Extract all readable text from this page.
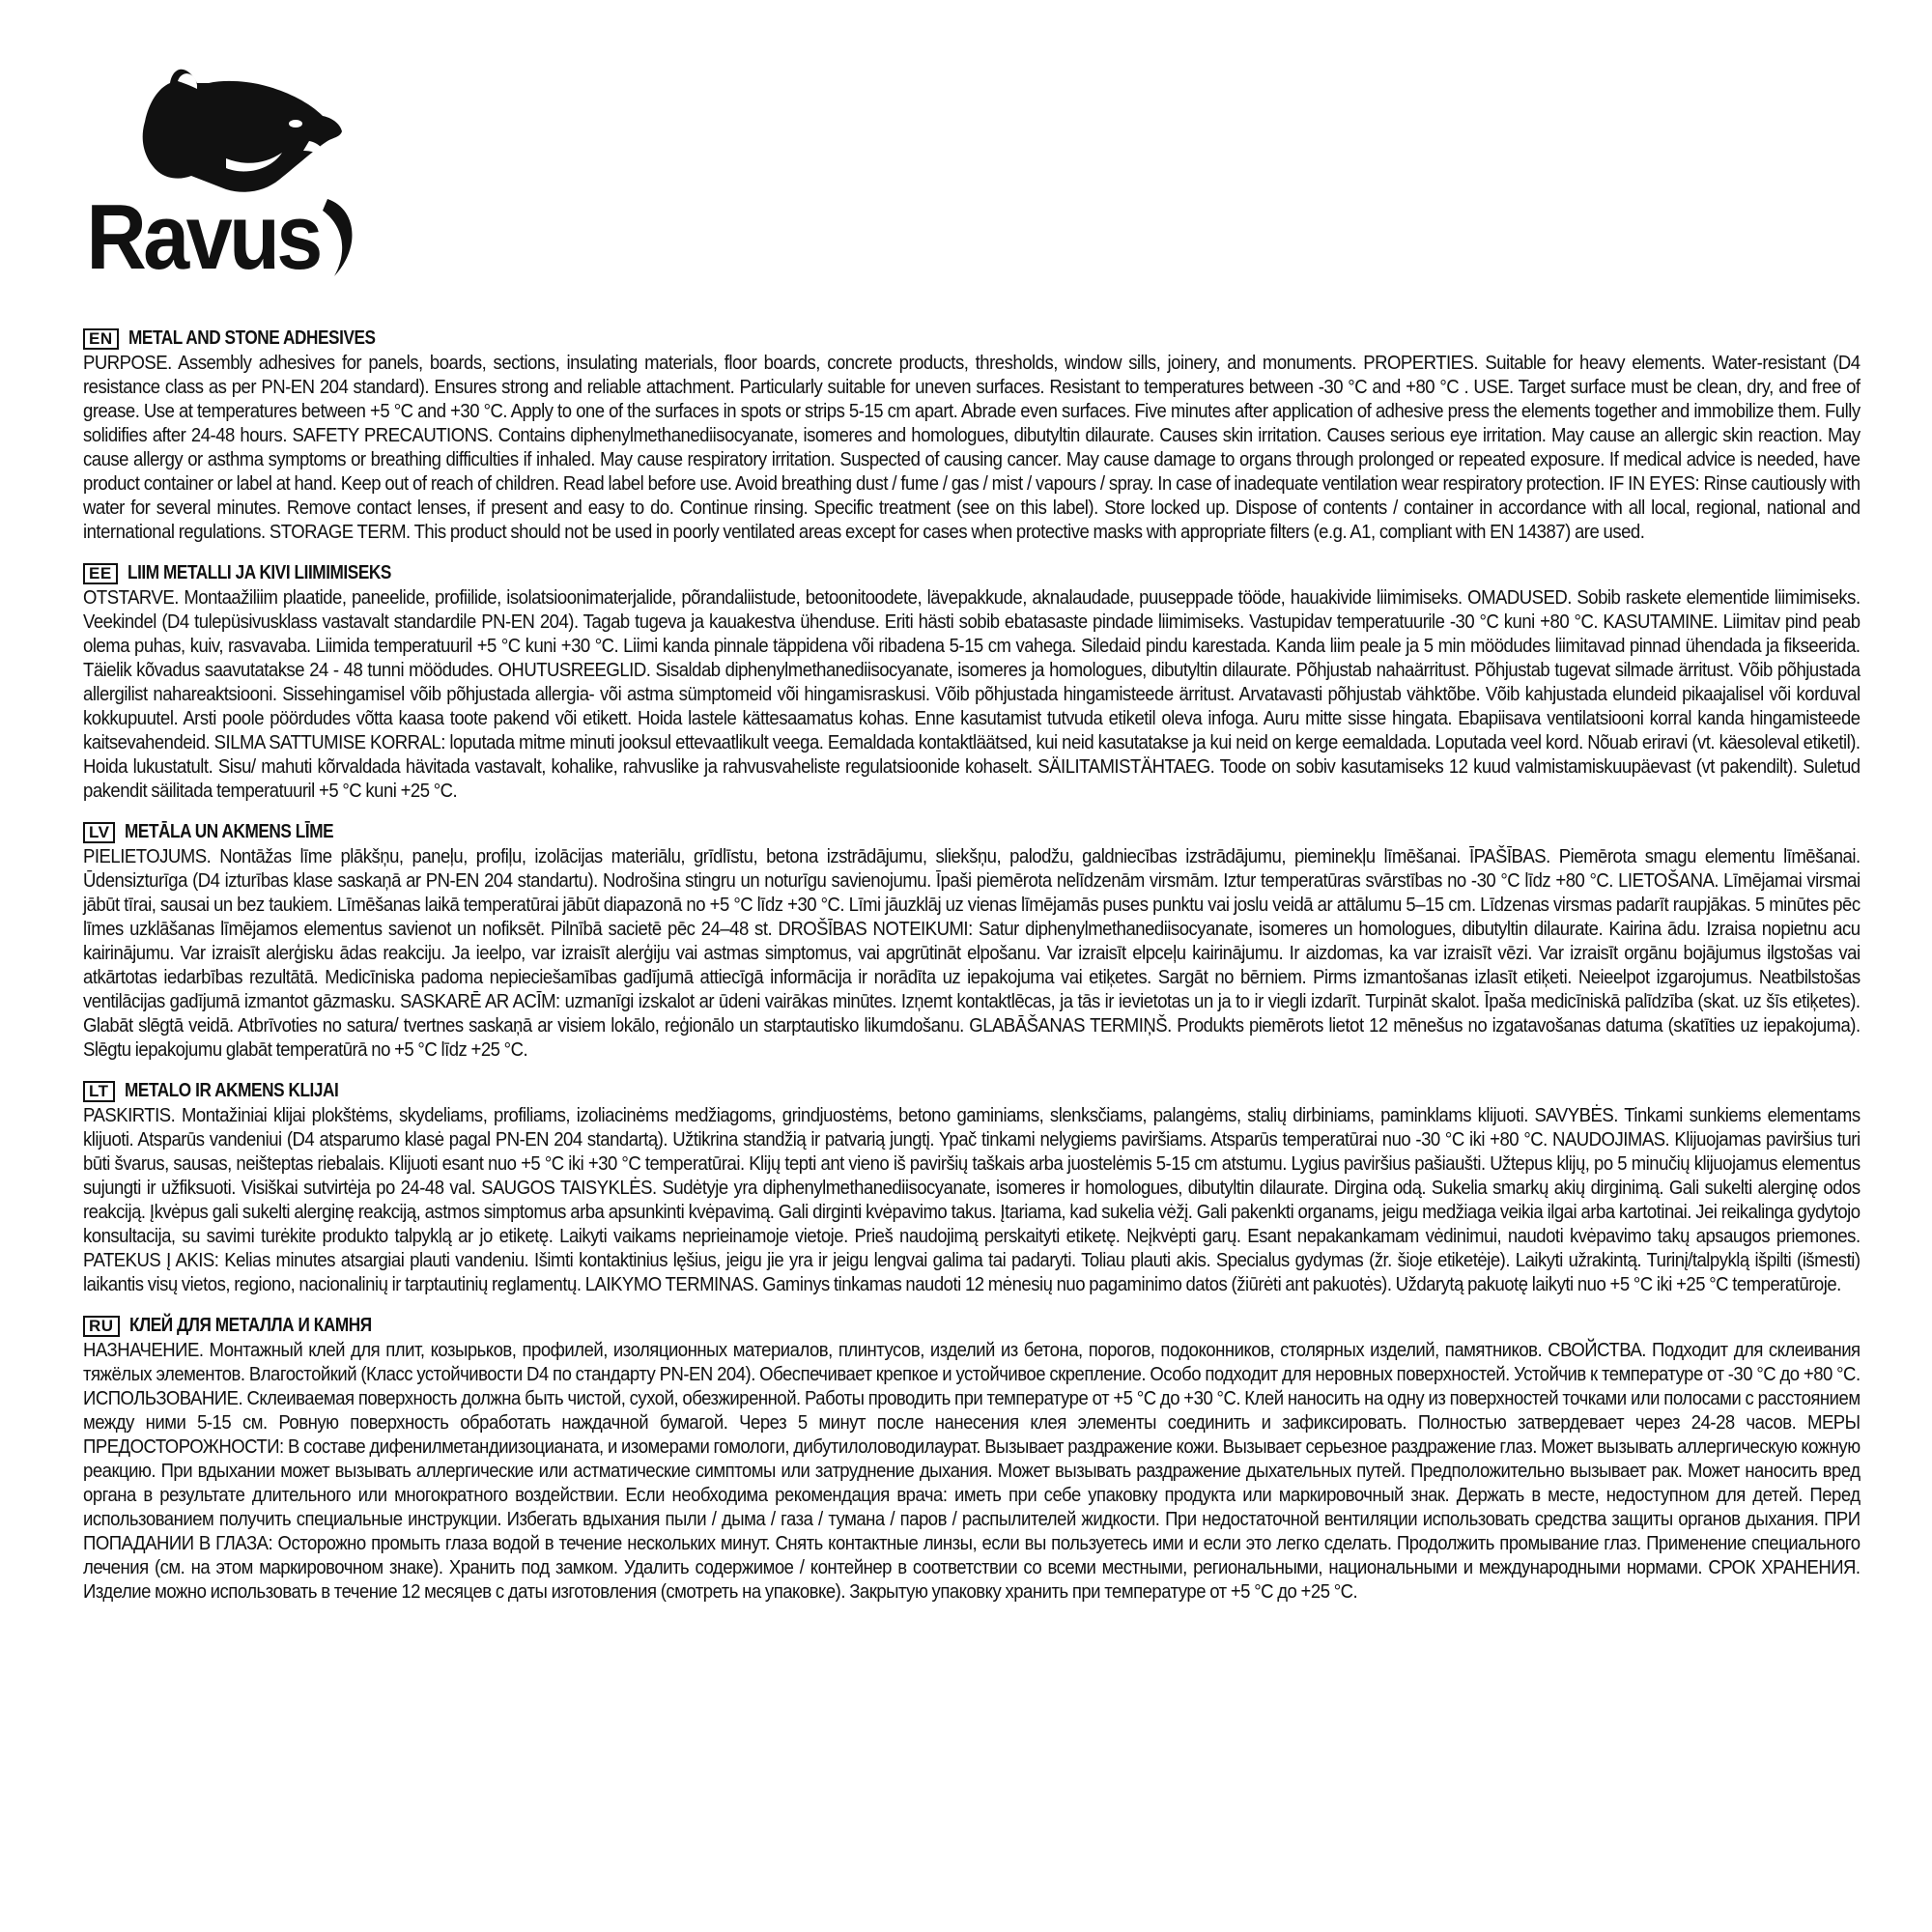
Ravus
EN METAL AND STONE ADHESIVES
PURPOSE. Assembly adhesives for panels, boards, sections, insulating materials, floor boards, concrete products, thresholds, window sills, joinery, and monuments. PROPERTIES. Suitable for heavy elements. Water-resistant (D4 resistance class as per PN-EN 204 standard). Ensures strong and reliable attachment. Particularly suitable for uneven surfaces. Resistant to temperatures between -30 °C and +80 °C . USE. Target surface must be clean, dry, and free of grease. Use at temperatures between +5 °C and +30 °C. Apply to one of the surfaces in spots or strips 5-15 cm apart. Abrade even surfaces. Five minutes after application of adhesive press the elements together and immobilize them. Fully solidifies after 24-48 hours. SAFETY PRECAUTIONS. Contains diphenylmethanediisocyanate, isomeres and homologues, dibutyltin dilaurate. Causes skin irritation. Causes serious eye irritation. May cause an allergic skin reaction. May cause allergy or asthma symptoms or breathing difficulties if inhaled. May cause respiratory irritation. Suspected of causing cancer. May cause damage to organs through prolonged or repeated exposure. If medical advice is needed, have product container or label at hand. Keep out of reach of children. Read label before use. Avoid breathing dust / fume / gas / mist / vapours / spray. In case of inadequate ventilation wear respiratory protection. IF IN EYES: Rinse cautiously with water for several minutes. Remove contact lenses, if present and easy to do. Continue rinsing. Specific treatment (see on this label). Store locked up. Dispose of contents / container in accordance with all local, regional, national and international regulations. STORAGE TERM. This product should not be used in poorly ventilated areas except for cases when protective masks with appropriate filters (e.g. A1, compliant with EN 14387) are used.
EE LIIM METALLI JA KIVI LIIMIMISEKS
OTSTARVE. Montaažiliim plaatide, paneelide, profiilide, isolatsioonimaterjalide, põrandaliistude, betoonitoodete, lävepakkude, aknalaudade, puuseppade tööde, hauakivide liimimiseks. OMADUSED. Sobib raskete elementide liimimiseks. Veekindel (D4 tulepüsivusklass vastavalt standardile PN-EN 204). Tagab tugeva ja kauakestva ühenduse. Eriti hästi sobib ebatasaste pindade liimimiseks. Vastupidav temperatuurile -30 °C kuni +80 °C. KASUTAMINE. Liimitav pind peab olema puhas, kuiv, rasvavaba. Liimida temperatuuril +5 °C kuni +30 °C. Liimi kanda pinnale täppidena või ribadena 5-15 cm vahega. Siledaid pindu karestada. Kanda liim peale ja 5 min möödudes liimitavad pinnad ühendada ja fikseerida. Täielik kõvadus saavutatakse 24 - 48 tunni möödudes. OHUTUSREEGLID. Sisaldab diphenylmethanediisocyanate, isomeres ja homologues, dibutyltin dilaurate. Põhjustab nahaärritust. Põhjustab tugevat silmade ärritust. Võib põhjustada allergilist nahareaktsiooni. Sissehingamisel võib põhjustada allergia- või astma sümptomeid või hingamisraskusi. Võib põhjustada hingamisteede ärritust. Arvatavasti põhjustab vähktõbe. Võib kahjustada elundeid pikaajalisel või korduval kokkupuutel. Arsti poole pöördudes võtta kaasa toote pakend või etikett. Hoida lastele kättesaamatus kohas. Enne kasutamist tutvuda etiketil oleva infoga. Auru mitte sisse hingata. Ebapiisava ventilatsiooni korral kanda hingamisteede kaitsevahendeid. SILMA SATTUMISE KORRAL: loputada mitme minuti jooksul ettevaatlikult veega. Eemaldada kontaktläätsed, kui neid kasutatakse ja kui neid on kerge eemaldada. Loputada veel kord. Nõuab eriravi (vt. käesoleval etiketil). Hoida lukustatult. Sisu/ mahuti kõrvaldada hävitada vastavalt, kohalike, rahvuslike ja rahvusvaheliste regulatsioonide kohaselt. SÄILITAMISTÄHTAEG. Toode on sobiv kasutamiseks 12 kuud valmistamiskuupäevast (vt pakendilt). Suletud pakendit säilitada temperatuuril +5 °C kuni +25 °C.
LV METĀLA UN AKMENS LĪME
PIELIETOJUMS. Nontāžas līme plākšņu, paneļu, profiļu, izolācijas materiālu, grīdlīstu, betona izstrādājumu, sliekšņu, palodžu, galdniecības izstrādājumu, pieminekļu līmēšanai. ĪPAŠĪBAS. Piemērota smagu elementu līmēšanai. Ūdensizturīga (D4 izturības klase saskaņā ar PN-EN 204 standartu). Nodrošina stingru un noturīgu savienojumu. Īpaši piemērota nelīdzenām virsmām. Iztur temperatūras svārstības no -30 °C līdz +80 °C. LIETOŠANA. Līmējamai virsmai jābūt tīrai, sausai un bez taukiem. Līmēšanas laikā temperatūrai jābūt diapazonā no +5 °C līdz +30 °C. Līmi jāuzklāj uz vienas līmējamās puses punktu vai joslu veidā ar attālumu 5–15 cm. Līdzenas virsmas padarīt raupjākas. 5 minūtes pēc līmes uzklāšanas līmējamos elementus savienot un nofiksēt. Pilnībā sacietē pēc 24–48 st. DROŠĪBAS NOTEIKUMI: Satur diphenylmethanediisocyanate, isomeres un homologues, dibutyltin dilaurate. Kairina ādu. Izraisa nopietnu acu kairinājumu. Var izraisīt alerģisku ādas reakciju. Ja ieelpo, var izraisīt alerģiju vai astmas simptomus, vai apgrūtināt elpošanu. Var izraisīt elpceļu kairinājumu. Ir aizdomas, ka var izraisīt vēzi. Var izraisīt orgānu bojājumus ilgstošas vai atkārtotas iedarbības rezultātā. Medicīniska padoma nepieciešamības gadījumā attiecīgā informācija ir norādīta uz iepakojuma vai etiķetes. Sargāt no bērniem. Pirms izmantošanas izlasīt etiķeti. Neieelpot izgarojumus. Neatbilstošas ventilācijas gadījumā izmantot gāzmasku. SASKARĒ AR ACĪM: uzmanīgi izskalot ar ūdeni vairākas minūtes. Izņemt kontaktlēcas, ja tās ir ievietotas un ja to ir viegli izdarīt. Turpināt skalot. Īpaša medicīniskā palīdzība (skat. uz šīs etiķetes). Glabāt slēgtā veidā. Atbrīvoties no satura/ tvertnes saskaņā ar visiem lokālo, reģionālo un starptautisko likumdošanu. GLABĀŠANAS TERMIŅŠ. Produkts piemērots lietot 12 mēnešus no izgatavošanas datuma (skatīties uz iepakojuma). Slēgtu iepakojumu glabāt temperatūrā no +5 °C līdz +25 °C.
LT METALO IR AKMENS KLIJAI
PASKIRTIS. Montažiniai klijai plokštėms, skydeliams, profiliams, izoliacinėms medžiagoms, grindjuostėms, betono gaminiams, slenksčiams, palangėms, stalių dirbiniams, paminklams klijuoti. SAVYBĖS. Tinkami sunkiems elementams klijuoti. Atsparūs vandeniui (D4 atsparumo klasė pagal PN-EN 204 standartą). Užtikrina standžią ir patvarią jungtį. Ypač tinkami nelygiems paviršiams. Atsparūs temperatūrai nuo -30 °C iki +80 °C. NAUDOJIMAS. Klijuojamas paviršius turi būti švarus, sausas, neišteptas riebalais. Klijuoti esant nuo +5 °C iki +30 °C temperatūrai. Klijų tepti ant vieno iš paviršių taškais arba juostelėmis 5-15 cm atstumu. Lygius paviršius pašiaušti. Užtepus klijų, po 5 minučių klijuojamus elementus sujungti ir užfiksuoti. Visiškai sutvirtėja po 24-48 val. SAUGOS TAISYKLĖS. Sudėtyje yra diphenylmethanediisocyanate, isomeres ir homologues, dibutyltin dilaurate. Dirgina odą. Sukelia smarkų akių dirginimą. Gali sukelti alerginę odos reakciją. Įkvėpus gali sukelti alerginę reakciją, astmos simptomus arba apsunkinti kvėpavimą. Gali dirginti kvėpavimo takus. Įtariama, kad sukelia vėžį. Gali pakenkti organams, jeigu medžiaga veikia ilgai arba kartotinai. Jei reikalinga gydytojo konsultacija, su savimi turėkite produkto talpyklą ar jo etiketę. Laikyti vaikams neprieinamoje vietoje. Prieš naudojimą perskaityti etiketę. Neįkvėpti garų. Esant nepakankamam vėdinimui, naudoti kvėpavimo takų apsaugos priemones. PATEKUS Į AKIS: Kelias minutes atsargiai plauti vandeniu. Išimti kontaktinius lęšius, jeigu jie yra ir jeigu lengvai galima tai padaryti. Toliau plauti akis. Specialus gydymas (žr. šioje etiketėje). Laikyti užrakintą. Turinį/talpyklą išpilti (išmesti) laikantis visų vietos, regiono, nacionalinių ir tarptautinių reglamentų. LAIKYMO TERMINAS. Gaminys tinkamas naudoti 12 mėnesių nuo pagaminimo datos (žiūrėti ant pakuotės). Uždarytą pakuotę laikyti nuo +5 °C iki +25 °C temperatūroje.
RU КЛЕЙ ДЛЯ МЕТАЛЛА И КАМНЯ
НАЗНАЧЕНИЕ. Монтажный клей для плит, козырьков, профилей, изоляционных материалов, плинтусов, изделий из бетона, порогов, подоконников, столярных изделий, памятников. СВОЙСТВА. Подходит для склеивания тяжёлых элементов. Влагостойкий (Класс устойчивости D4 по стандарту PN-EN 204). Обеспечивает крепкое и устойчивое скрепление. Особо подходит для неровных поверхностей. Устойчив к температуре от -30 °C до +80 °C. ИСПОЛЬЗОВАНИЕ. Склеиваемая поверхность должна быть чистой, сухой, обезжиренной. Работы проводить при температуре от +5 °C до +30 °C. Клей наносить на одну из поверхностей точками или полосами с расстоянием между ними 5-15 см. Ровную поверхность обработать наждачной бумагой. Через 5 минут после нанесения клея элементы соединить и зафиксировать. Полностью затвердевает через 24-28 часов. МЕРЫ ПРЕДОСТОРОЖНОСТИ: В составе дифенилметандиизоцианата, и изомерами гомологи, дибутилоловодилаурат. Вызывает раздражение кожи. Вызывает серьезное раздражение глаз. Может вызывать аллергическую кожную реакцию. При вдыхании может вызывать аллергические или астматические симптомы или затруднение дыхания. Может вызывать раздражение дыхательных путей. Предположительно вызывает рак. Может наносить вред органа в результате длительного или многократного воздействии. Если необходима рекомендация врача: иметь при себе упаковку продукта или маркировочный знак. Держать в месте, недоступном для детей. Перед использованием получить специальные инструкции. Избегать вдыхания пыли / дыма / газа / тумана / паров / распылителей жидкости. При недостаточной вентиляции использовать средства защиты органов дыхания. ПРИ ПОПАДАНИИ В ГЛАЗА: Осторожно промыть глаза водой в течение нескольких минут. Снять контактные линзы, если вы пользуетесь ими и если это легко сделать. Продолжить промывание глаз. Применение специального лечения (см. на этом маркировочном знаке). Хранить под замком. Удалить содержимое / контейнер в соответствии со всеми местными, региональными, национальными и международными нормами. СРОК ХРАНЕНИЯ. Изделие можно использовать в течение 12 месяцев с даты изготовления (смотреть на упаковке). Закрытую упаковку хранить при температуре от +5 °C до +25 °C.
